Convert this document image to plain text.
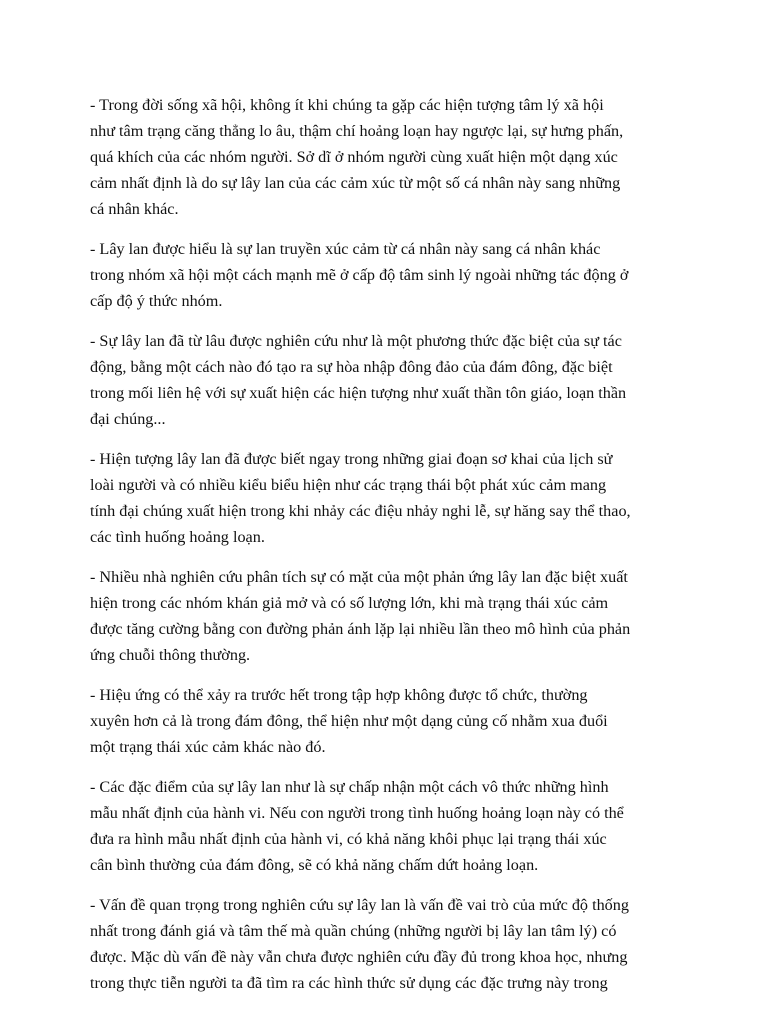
- Trong đời sống xã hội, không ít khi chúng ta gặp các hiện tượng tâm lý xã hội
như tâm trạng căng thẳng lo âu, thậm chí hoảng loạn hay ngược lại, sự hưng phấn,
quá khích của các nhóm người. Sở dĩ ở nhóm người cùng xuất hiện một dạng xúc
cảm nhất định là do sự lây lan của các cảm xúc từ một số cá nhân này sang những
cá nhân khác.

- Lây lan được hiểu là sự lan truyền xúc cảm từ cá nhân này sang cá nhân khác
trong nhóm xã hội một cách mạnh mẽ ở cấp độ tâm sinh lý ngoài những tác động ở
cấp độ ý thức nhóm.

- Sự lây lan đã từ lâu được nghiên cứu như là một phương thức đặc biệt của sự tác
động, bằng một cách nào đó tạo ra sự hòa nhập đông đảo của đám đông, đặc biệt
trong mối liên hệ với sự xuất hiện các hiện tượng như xuất thần tôn giáo, loạn thần
đại chúng...

- Hiện tượng lây lan đã được biết ngay trong những giai đoạn sơ khai của lịch sử
loài người và có nhiều kiểu biểu hiện như các trạng thái bột phát xúc cảm mang
tính đại chúng xuất hiện trong khi nhảy các điệu nhảy nghi lễ, sự hăng say thể thao,
các tình huống hoảng loạn.

- Nhiều nhà nghiên cứu phân tích sự có mặt của một phản ứng lây lan đặc biệt xuất
hiện trong các nhóm khán giả mở và có số lượng lớn, khi mà trạng thái xúc cảm
được tăng cường bằng con đường phản ánh lặp lại nhiều lần theo mô hình của phản
ứng chuỗi thông thường.

- Hiệu ứng có thể xảy ra trước hết trong tập hợp không được tổ chức, thường
xuyên hơn cả là trong đám đông, thể hiện như một dạng củng cố nhằm xua đuổi
một trạng thái xúc cảm khác nào đó.

- Các đặc điểm của sự lây lan như là sự chấp nhận một cách vô thức những hình
mẫu nhất định của hành vi. Nếu con người trong tình huống hoảng loạn này có thể
đưa ra hình mẫu nhất định của hành vi, có khả năng khôi phục lại trạng thái xúc
cân bình thường của đám đông, sẽ có khả năng chấm dứt hoảng loạn.

- Vấn đề quan trọng trong nghiên cứu sự lây lan là vấn đề vai trò của mức độ thống
nhất trong đánh giá và tâm thế mà quần chúng (những người bị lây lan tâm lý) có
được. Mặc dù vấn đề này vẫn chưa được nghiên cứu đầy đủ trong khoa học, nhưng
trong thực tiễn người ta đã tìm ra các hình thức sử dụng các đặc trưng này trong
